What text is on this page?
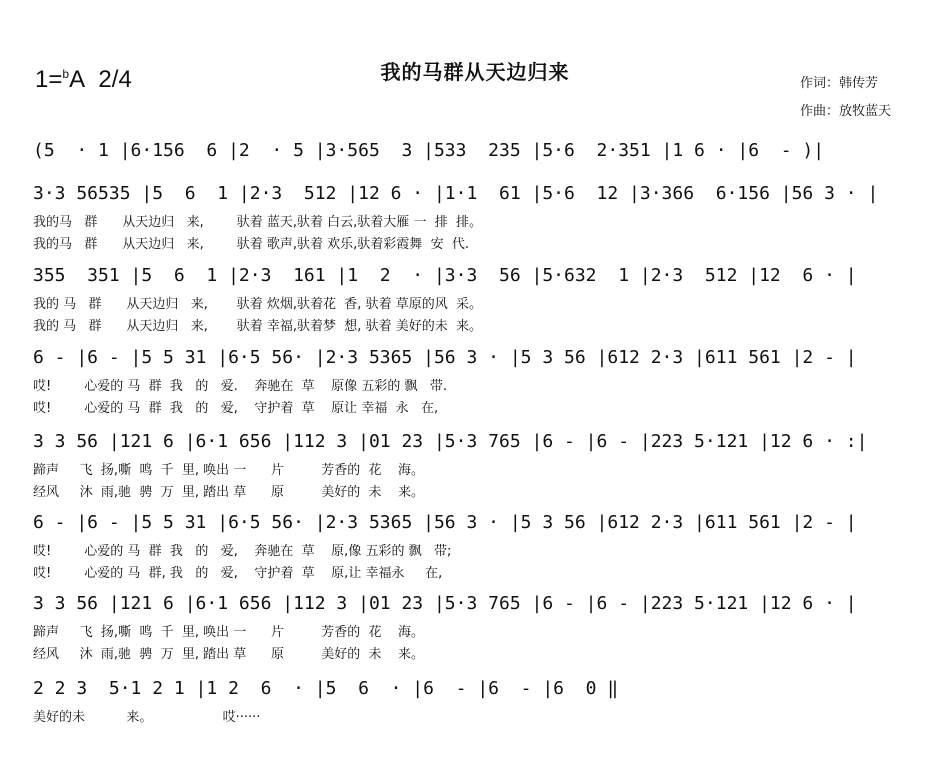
1=$^b$A 2/4	我的马群从天边归来	作词：韩传芳
作曲：放牧蓝天
(5  · 1 |6·156  6 |2  · 5 |3·565  3 |533  235 |5·6  2·351 |1 6 · |6  - )|
3·3 56535 |5  6  1 |2·3  512 |12 6 · |1·1  61 |5·6  12 |3·366  6·156 |56 3 · |
我的马   群      从天边归   来,        驮着 蓝天,驮着 白云,驮着大雁 一  排  排。
我的马   群      从天边归   来,        驮着 歌声,驮着 欢乐,驮着彩霞舞  安  代.
355  351 |5  6  1 |2·3  161 |1  2  · |3·3  56 |5·632  1 |2·3  512 |12  6 · |
我的 马   群      从天边归   来,       驮着 炊烟,驮着花  香, 驮着 草原的风  采。
我的 马   群      从天边归   来,       驮着 幸福,驮着梦  想, 驮着 美好的未  来。
6 - |6 - |5 5 31 |6·5 56· |2·3 5365 |56 3 · |5 3 56 |612 2·3 |611 561 |2 - |
哎!        心爱的 马  群  我   的   爱.    奔驰在  草    原像 五彩的 飘   带.
哎!        心爱的 马  群  我   的   爱,    守护着  草    原让 幸福  永   在,
3 3 56 |121 6 |6·1 656 |112 3 |01 23 |5·3 765 |6 - |6 - |223 5·121 |12 6 · :|
蹄声     飞  扬,嘶  鸣  千  里, 唤出 一      片         芳香的  花    海。
经风     沐  雨,驰  骋  万  里, 踏出 草      原         美好的  未    来。
6 - |6 - |5 5 31 |6·5 56· |2·3 5365 |56 3 · |5 3 56 |612 2·3 |611 561 |2 - |
哎!        心爱的 马  群  我   的   爱,    奔驰在  草    原,像 五彩的 飘   带;
哎!        心爱的 马  群, 我   的   爱,    守护着  草    原,让 幸福永     在,
3 3 56 |121 6 |6·1 656 |112 3 |01 23 |5·3 765 |6 - |6 - |223 5·121 |12 6 · |
蹄声     飞  扬,嘶  鸣  千  里, 唤出 一      片         芳香的  花    海。
经风     沐  雨,驰  骋  万  里, 踏出 草      原         美好的  未    来。
2 2 3  5·1 2 1 |1 2  6  · |5  6  · |6  - |6  - |6  0 ‖
美好的未          来。                 哎······
